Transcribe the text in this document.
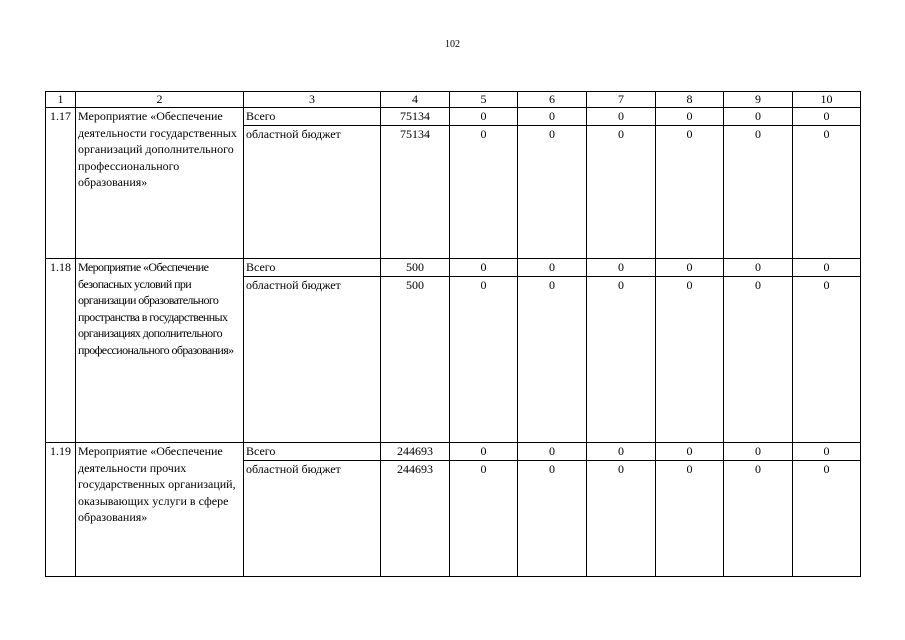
102
1	2	3	4	5	6	7	8	9	10
1.17	Мероприятие «Обеспечение деятельности государственных организаций дополнительного профессионального образования»	Всего	75134	0	0	0	0	0	0
		областной бюджет	75134	0	0	0	0	0	0
1.18	Мероприятие «Обеспечение безопасных условий при организации образовательного пространства в государственных организациях дополнительного профессионального образования»	Всего	500	0	0	0	0	0	0
		областной бюджет	500	0	0	0	0	0	0
1.19	Мероприятие «Обеспечение деятельности прочих государственных организаций, оказывающих услуги в сфере образования»	Всего	244693	0	0	0	0	0	0
		областной бюджет	244693	0	0	0	0	0	0
